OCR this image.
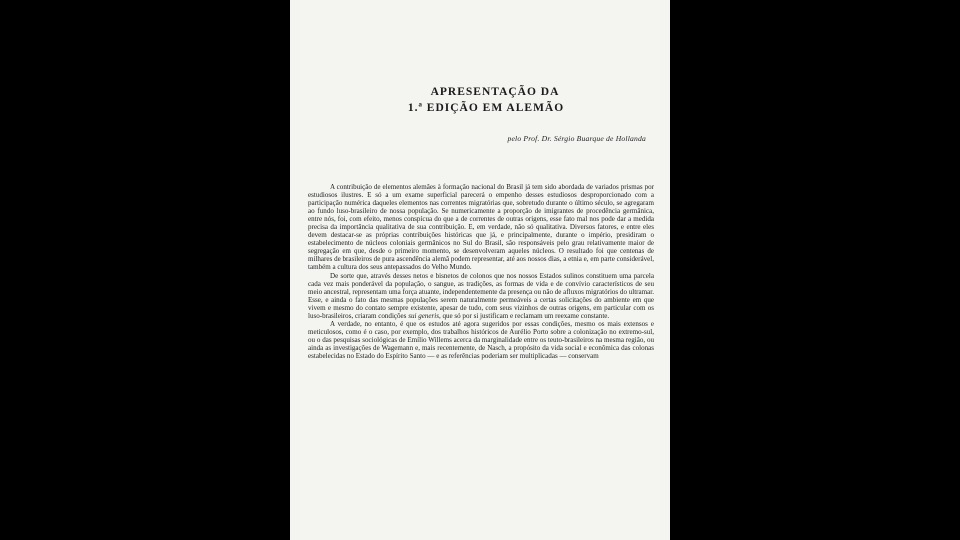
APRESENTAÇÃO DA
1.ª EDIÇÃO EM ALEMÃO
pelo Prof. Dr. Sérgio Buarque de Hollanda

A contribuição de elementos alemães à formação nacional do Brasil já tem sido abordada de variados prismas por estudiosos ilustres. E só a um exame superficial parecerá o empenho desses estudiosos desproporcionado com a participação numérica daqueles elementos nas correntes migratórias que, sobretudo durante o último século, se agregaram ao fundo luso-brasileiro de nossa população. Se numericamente a proporção de imigrantes de procedência germânica, entre nós, foi, com efeito, menos conspícua do que a de correntes de outras origens, esse fato mal nos pode dar a medida precisa da importância qualitativa de sua contribuição. E, em verdade, não só qualitativa. Diversos fatores, e entre eles devem destacar-se as próprias contribuições históricas que já, e principalmente, durante o império, presidiram o estabelecimento de núcleos coloniais germânicos no Sul do Brasil, são responsáveis pelo grau relativamente maior de segregação em que, desde o primeiro momento, se desenvolveram aqueles núcleos. O resultado foi que centenas de milhares de brasileiros de pura ascendência alemã podem representar, até aos nossos dias, a etnia e, em parte considerável, também a cultura dos seus antepassados do Velho Mundo.

De sorte que, através desses netos e bisnetos de colonos que nos nossos Estados sulinos constituem uma parcela cada vez mais ponderável da população, o sangue, as tradições, as formas de vida e de convívio característicos de seu meio ancestral, representam uma força atuante, independentemente da presença ou não de afluxos migratórios do ultramar. Esse, e ainda o fato das mesmas populações serem naturalmente permeáveis a certas solicitações do ambiente em que vivem e mesmo do contato sempre existente, apesar de tudo, com seus vizinhos de outras origens, em particular com os luso-brasileiros, criaram condições sui generis, que só por si justificam e reclamam um reexame constante.

A verdade, no entanto, é que os estudos até agora sugeridos por essas condições, mesmo os mais extensos e meticulosos, como é o caso, por exemplo, dos trabalhos históricos de Aurélio Porto sobre a colonização no extremo-sul, ou o das pesquisas sociológicas de Emílio Willems acerca da marginalidade entre os teuto-brasileiros na mesma região, ou ainda as investigações de Wagemann e, mais recentemente, de Nasch, a propósito da vida social e econômica das colonas estabelecidas no Estado do Espírito Santo — e as referências poderiam ser multiplicadas — conservam
